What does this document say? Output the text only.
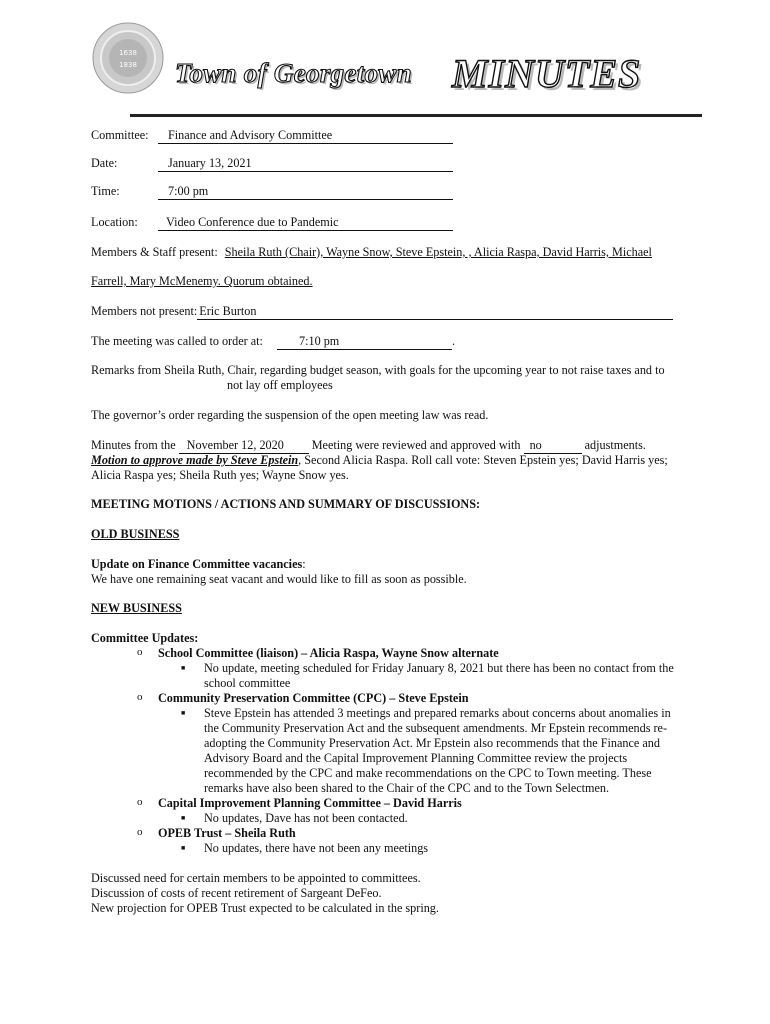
1638
1838 Town of Georgetown MINUTES
Committee:	Finance and Advisory Committee
Date:	January 13, 2021
Time:	7:00 pm
Location:	Video Conference due to Pandemic
Members & Staff present: Sheila Ruth (Chair), Wayne Snow, Steve Epstein, , Alicia Raspa, David Harris, Michael
Farrell, Mary McMenemy. Quorum obtained.
Members not present: Eric Burton
The meeting was called to order at:	7:10 pm	.
Remarks from Sheila Ruth, Chair, regarding budget season, with goals for the upcoming year to not raise taxes and to
not lay off employees
The governor’s order regarding the suspension of the open meeting law was read.
Minutes from the November 12, 2020 Meeting were reviewed and approved with no	adjustments.
Motion to approve made by Steve Epstein, Second Alicia Raspa. Roll call vote: Steven Epstein yes; David Harris yes;
Alicia Raspa yes; Sheila Ruth yes; Wayne Snow yes.
MEETING MOTIONS / ACTIONS AND SUMMARY OF DISCUSSIONS:
OLD BUSINESS
Update on Finance Committee vacancies:
We have one remaining seat vacant and would like to fill as soon as possible.
NEW BUSINESS
Committee Updates:
o School Committee (liaison) – Alicia Raspa, Wayne Snow alternate
■ No update, meeting scheduled for Friday January 8, 2021 but there has been no contact from the
school committee
o Community Preservation Committee (CPC) – Steve Epstein
■ Steve Epstein has attended 3 meetings and prepared remarks about concerns about anomalies in
the Community Preservation Act and the subsequent amendments. Mr Epstein recommends re-
adopting the Community Preservation Act. Mr Epstein also recommends that the Finance and
Advisory Board and the Capital Improvement Planning Committee review the projects
recommended by the CPC and make recommendations on the CPC to Town meeting. These
remarks have also been shared to the Chair of the CPC and to the Town Selectmen.
o Capital Improvement Planning Committee – David Harris
■ No updates, Dave has not been contacted.
o OPEB Trust – Sheila Ruth
■ No updates, there have not been any meetings
Discussed need for certain members to be appointed to committees.
Discussion of costs of recent retirement of Sargeant DeFeo.
New projection for OPEB Trust expected to be calculated in the spring.
